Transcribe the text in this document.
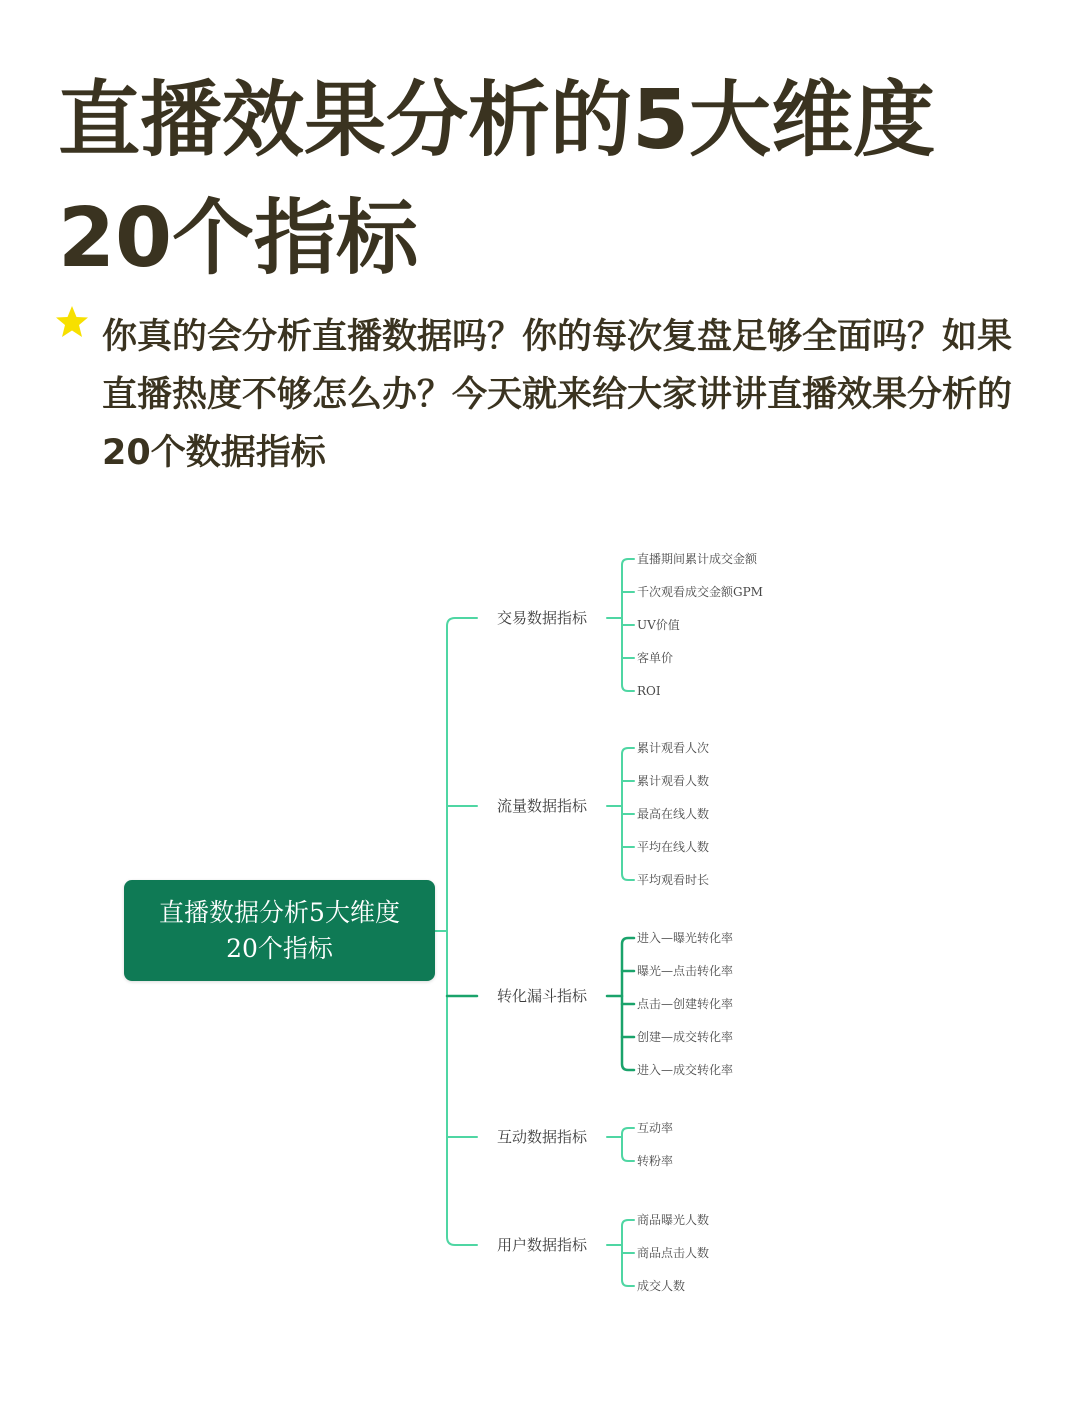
直播效果分析的5大维度20个指标

你真的会分析直播数据吗？你的每次复盘足够全面吗？如果直播热度不够怎么办？今天就来给大家讲讲直播效果分析的20个数据指标

直播数据分析5大维度
20个指标
交易数据指标
直播期间累计成交金额
千次观看成交金额GPM
UV价值
客单价
ROI
流量数据指标
累计观看人次
累计观看人数
最高在线人数
平均在线人数
平均观看时长
转化漏斗指标
进入—曝光转化率
曝光—点击转化率
点击—创建转化率
创建—成交转化率
进入—成交转化率
互动数据指标	互动率
转粉率
用户数据指标
商品曝光人数
商品点击人数
成交人数
